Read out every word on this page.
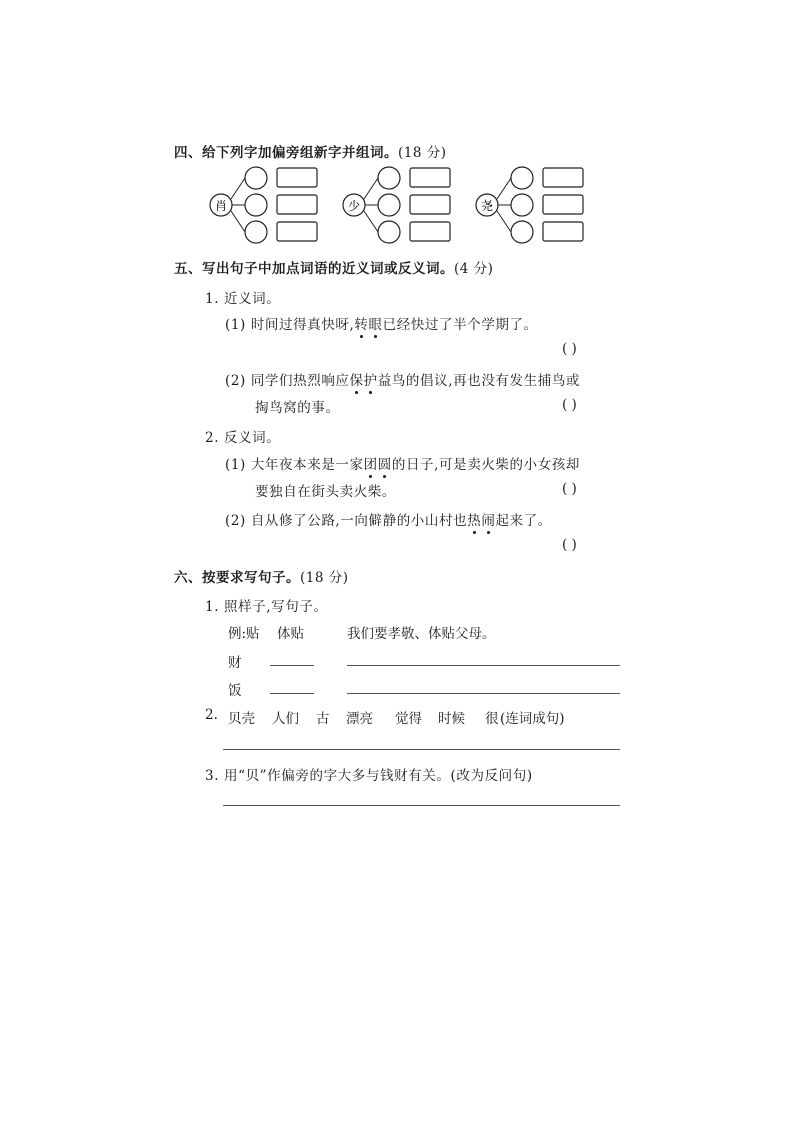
四、给下列字加偏旁组新字并组词。(18 分)
肖	少	尧
五、写出句子中加点词语的近义词或反义词。(4 分)
1. 近义词。
(1) 时间过得真快呀,转眼已经快过了半个学期了。
( )
(2) 同学们热烈响应保护益鸟的倡议,再也没有发生捕鸟或
掏鸟窝的事。	( )
2. 反义词。
(1) 大年夜本来是一家团圆的日子,可是卖火柴的小女孩却
要独自在街头卖火柴。	( )
(2) 自从修了公路,一向僻静的小山村也热闹起来了。
( )
六、按要求写句子。(18 分)
1. 照样子,写句子。
例:贴 体贴	我们要孝敬、体贴父母。
财
饭
2. 贝壳 人们 古 漂亮 觉得 时候 很 (连词成句)
3. 用“贝”作偏旁的字大多与钱财有关。(改为反问句)
